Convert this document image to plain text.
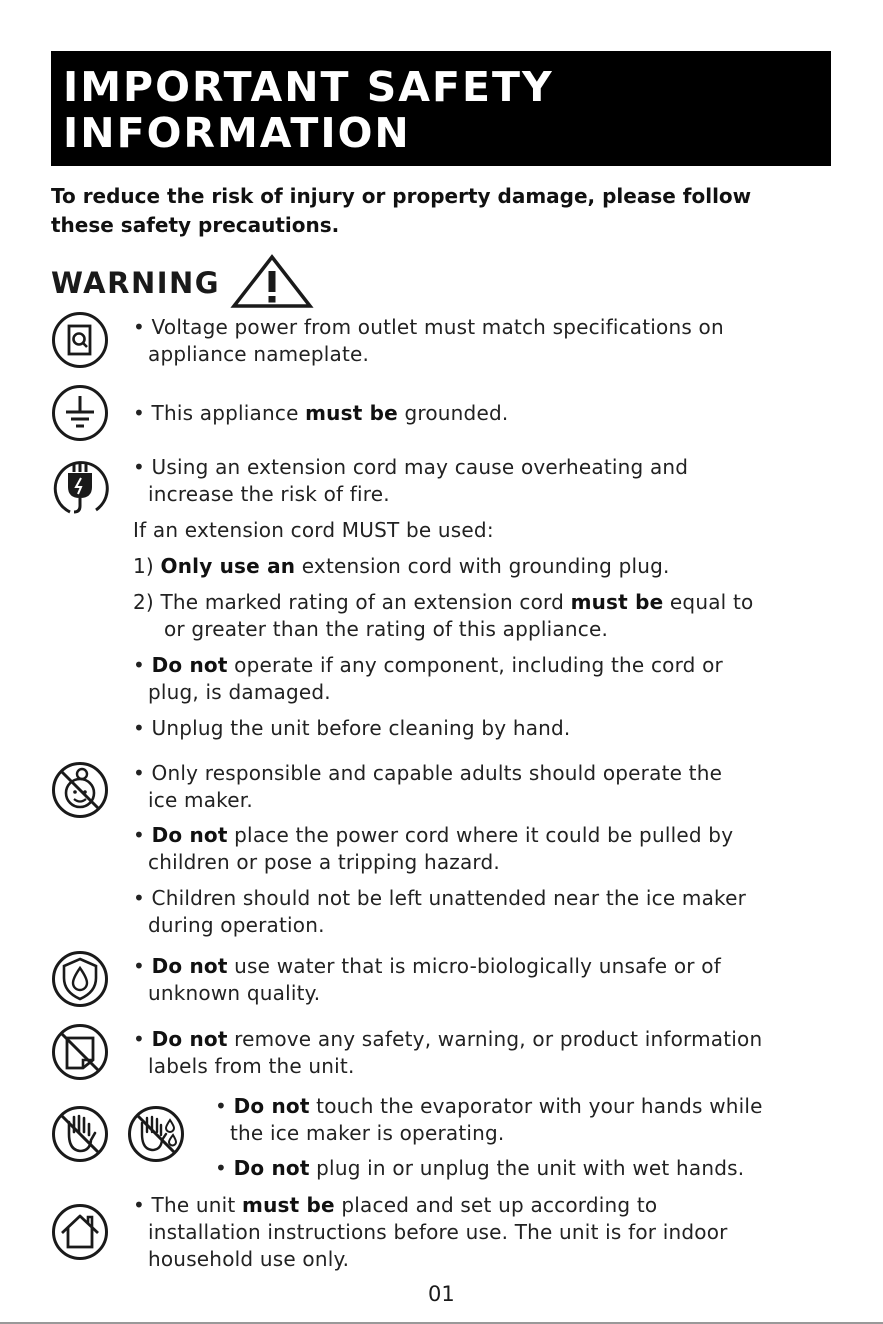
IMPORTANT SAFETY
INFORMATION
To reduce the risk of injury or property damage, please follow
these safety precautions.
WARNING
• Voltage power from outlet must match specifications on
appliance nameplate.
• This appliance must be grounded.
• Using an extension cord may cause overheating and
increase the risk of fire.
If an extension cord MUST be used:
1) Only use an extension cord with grounding plug.
2) The marked rating of an extension cord must be equal to
or greater than the rating of this appliance.
• Do not operate if any component, including the cord or
plug, is damaged.
• Unplug the unit before cleaning by hand.
• Only responsible and capable adults should operate the
ice maker.
• Do not place the power cord where it could be pulled by
children or pose a tripping hazard.
• Children should not be left unattended near the ice maker
during operation.
• Do not use water that is micro-biologically unsafe or of
unknown quality.
• Do not remove any safety, warning, or product information
labels from the unit.
• Do not touch the evaporator with your hands while
the ice maker is operating.
• Do not plug in or unplug the unit with wet hands.
• The unit must be placed and set up according to
installation instructions before use. The unit is for indoor
household use only.
01
